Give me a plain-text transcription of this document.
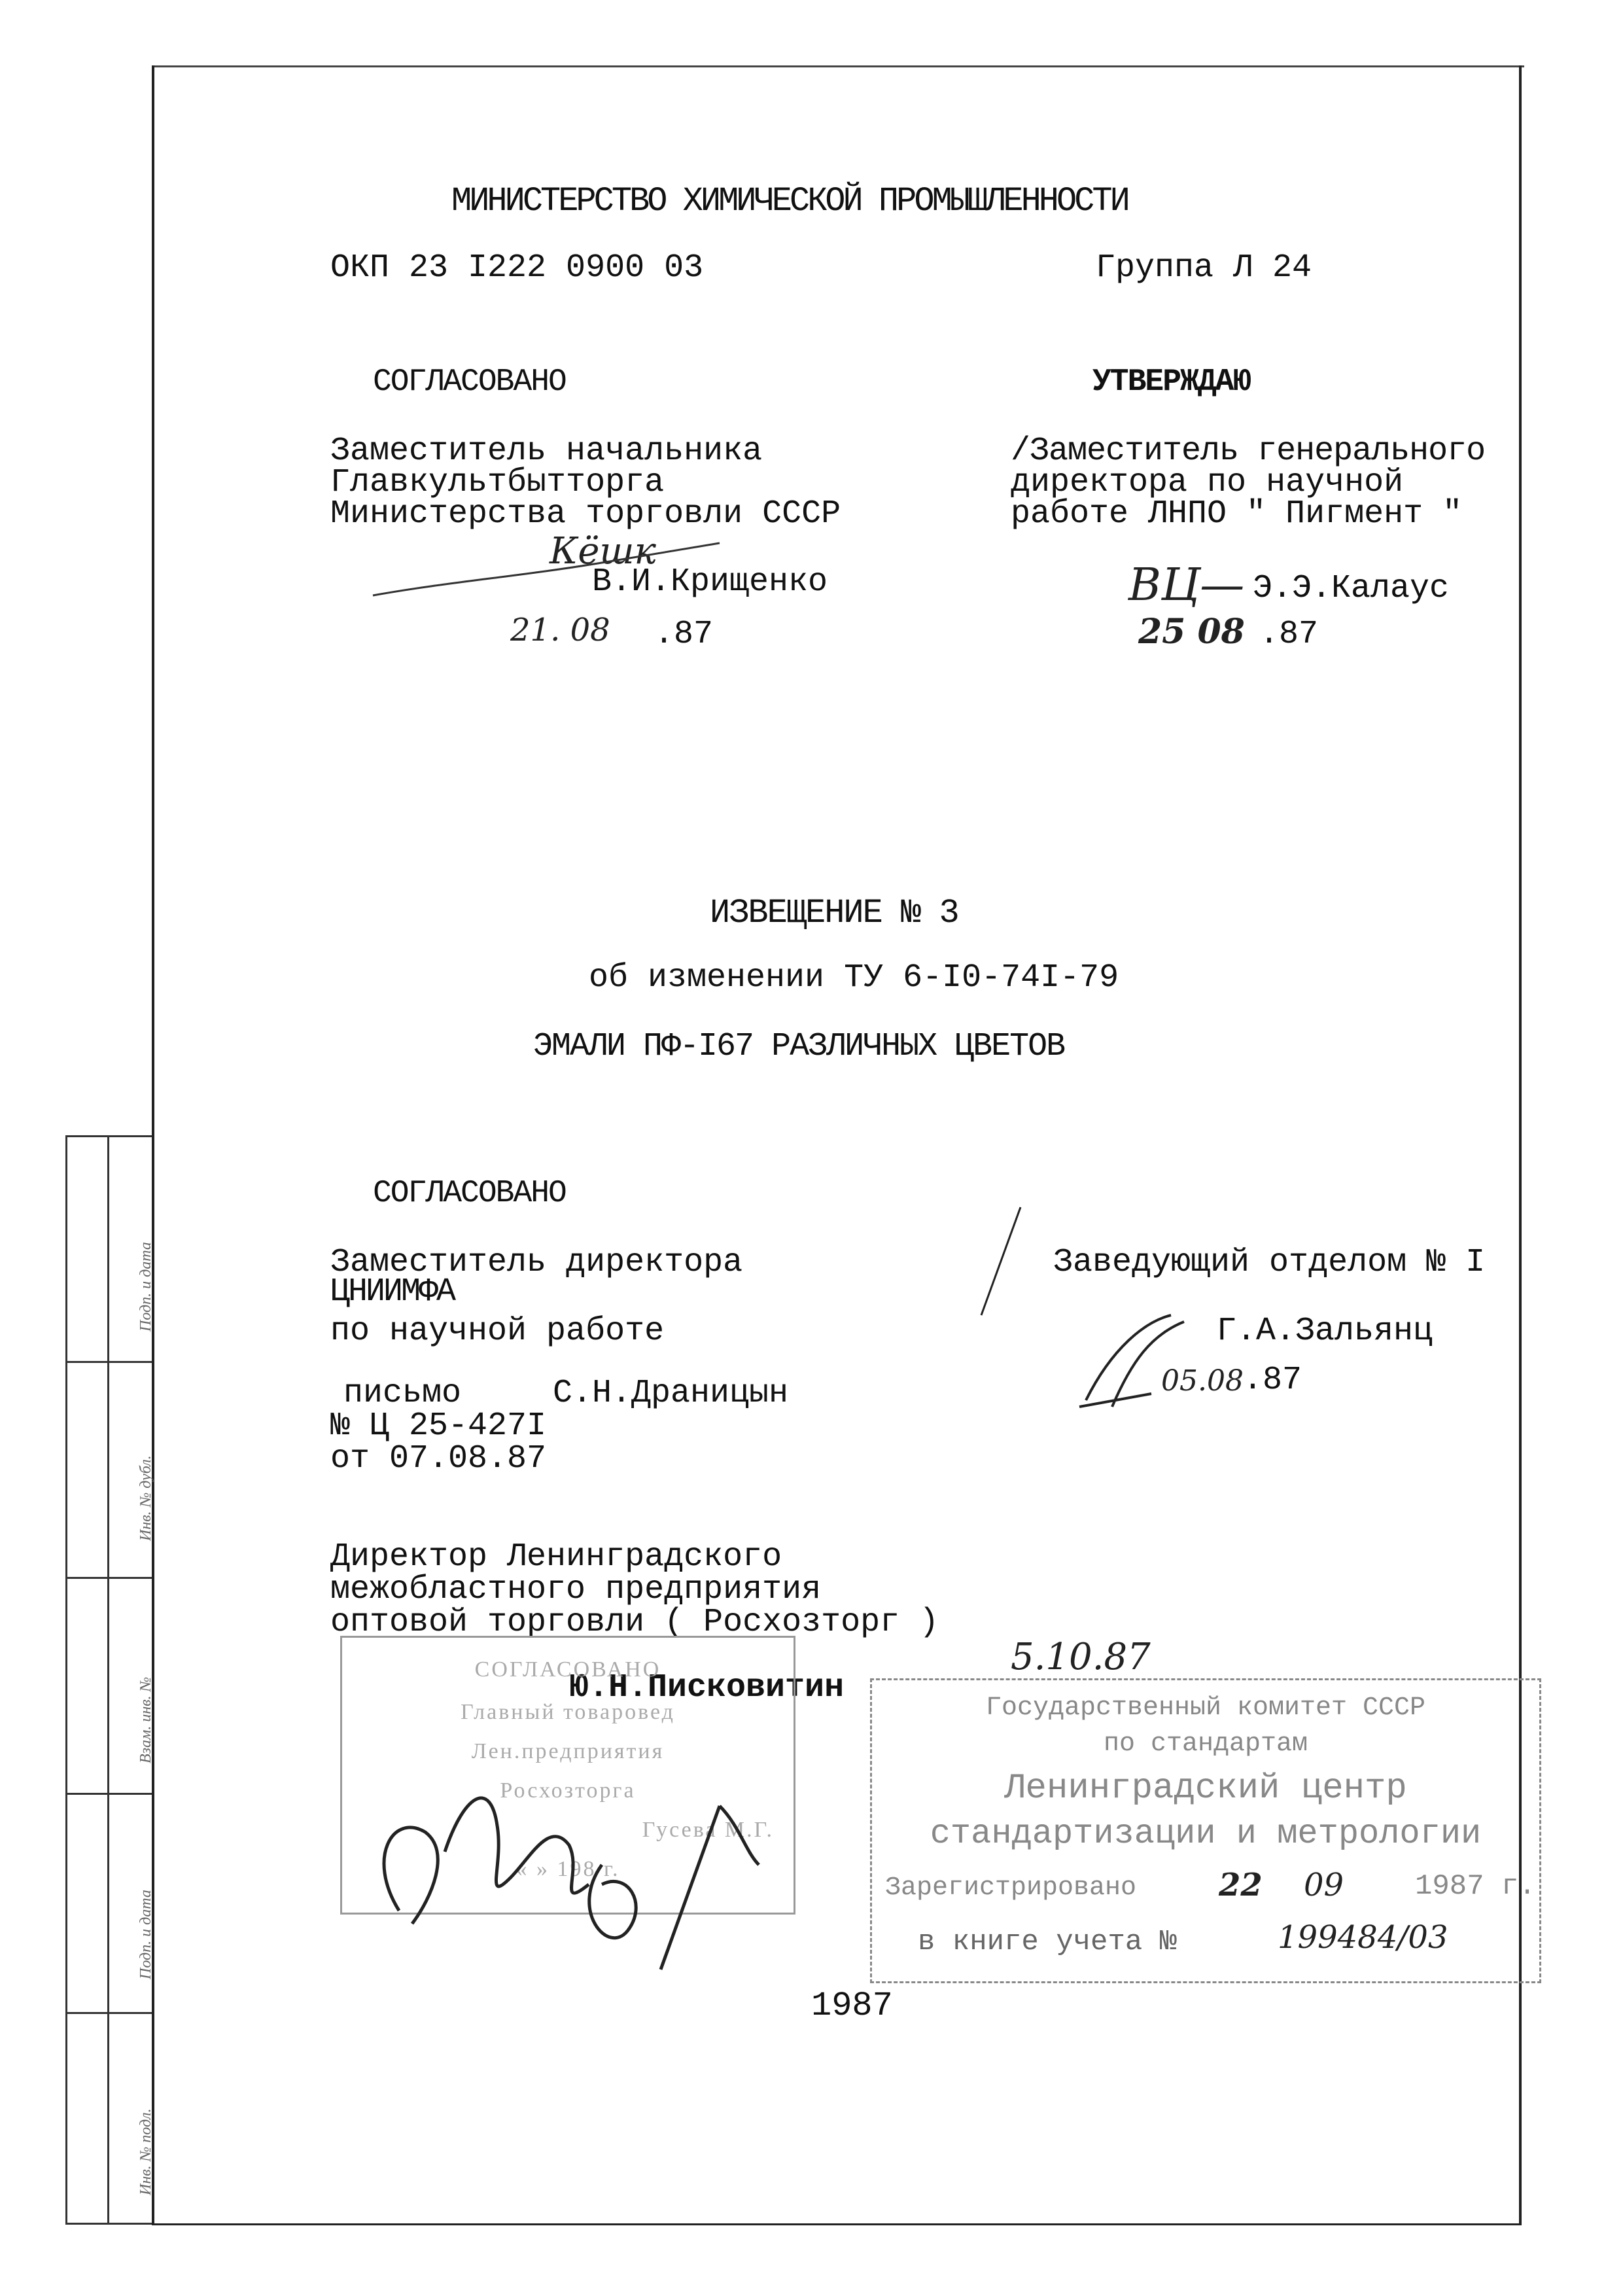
Подп. и дата
Инв. № дубл.
Взам. инв. №
Подп. и дата
Инв. № подл.
МИНИСТЕРСТВО ХИМИЧЕСКОЙ ПРОМЫШЛЕННОСТИ
ОКП 23 I222 0900 03	Группа Л 24
СОГЛАСОВАНО
Заместитель начальника
Главкультбытторга
Министерства торговли СССР
Кёшк
В.И.Крищенко
21. 08 .87
УТВЕРЖДАЮ
/Заместитель генерального
директора по научной
работе ЛНПО " Пигмент "
ВЦ— Э.Э.Калаус
25 08 .87
ИЗВЕЩЕНИЕ № 3
об изменении ТУ 6-I0-74I-79
ЭМАЛИ ПФ-I67 РАЗЛИЧНЫХ ЦВЕТОВ
СОГЛАСОВАНО
Заместитель директора
ЦНИИМФА
по научной работе
письмо	С.Н.Драницын
№ Ц 25-427I
от 07.08.87
Заведующий отделом № I
Г.А.Зальянц
05.08 .87
Директор Ленинградского
межобластного предприятия
оптовой торговли ( Росхозторг )
Ю.Н.Писковитин
5.10.87
СОГЛАСОВАНО
Главный товаровед
Лен.предприятия
Росхозторга
Гусева М.Г.
« » 198 г.
Государственный комитет СССР
по стандартам
Ленинградский центр
стандартизации и метрологии
Зарегистрировано	22 09 1987 г.
в книге учета №	199484/03
1987
